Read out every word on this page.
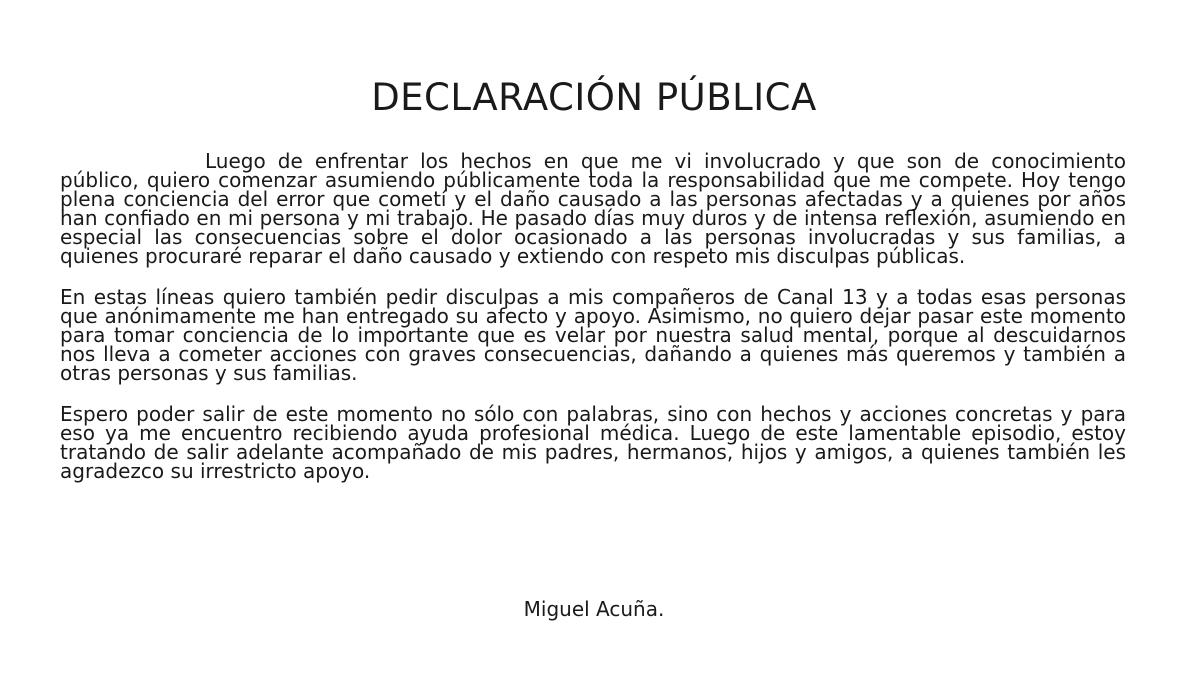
DECLARACIÓN PÚBLICA

Luego de enfrentar los hechos en que me vi involucrado y que son de conocimiento público, quiero comenzar asumiendo públicamente toda la responsabilidad que me compete. Hoy tengo plena conciencia del error que cometí y el daño causado a las personas afectadas y a quienes por años han confiado en mi persona y mi trabajo. He pasado días muy duros y de intensa reflexión, asumiendo en especial las consecuencias sobre el dolor ocasionado a las personas involucradas y sus familias, a quienes procuraré reparar el daño causado y extiendo con respeto mis disculpas públicas.

En estas líneas quiero también pedir disculpas a mis compañeros de Canal 13 y a todas esas personas que anónimamente me han entregado su afecto y apoyo. Asimismo, no quiero dejar pasar este momento para tomar conciencia de lo importante que es velar por nuestra salud mental, porque al descuidarnos nos lleva a cometer acciones con graves consecuencias, dañando a quienes más queremos y también a otras personas y sus familias.

Espero poder salir de este momento no sólo con palabras, sino con hechos y acciones concretas y para eso ya me encuentro recibiendo ayuda profesional médica. Luego de este lamentable episodio, estoy tratando de salir adelante acompañado de mis padres, hermanos, hijos y amigos, a quienes también les agradezco su irrestricto apoyo.

Miguel Acuña.
